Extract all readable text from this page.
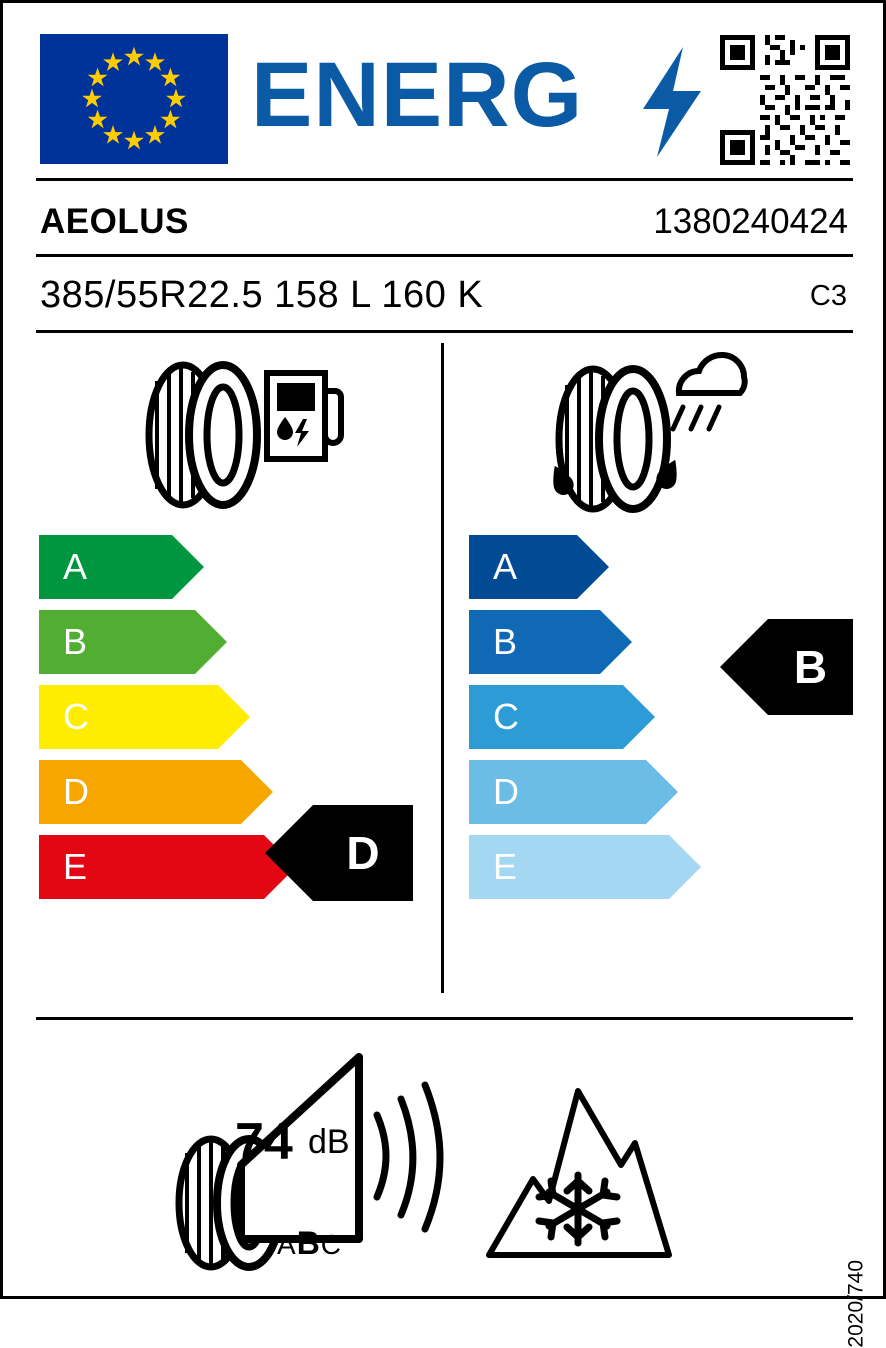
ENERG
AEOLUS	1380240424
385/55R22.5 158 L 160 K	C3
A
B
C
D
E	D
A
B
C
D
E
B
74 dB
ABC
2020/740
